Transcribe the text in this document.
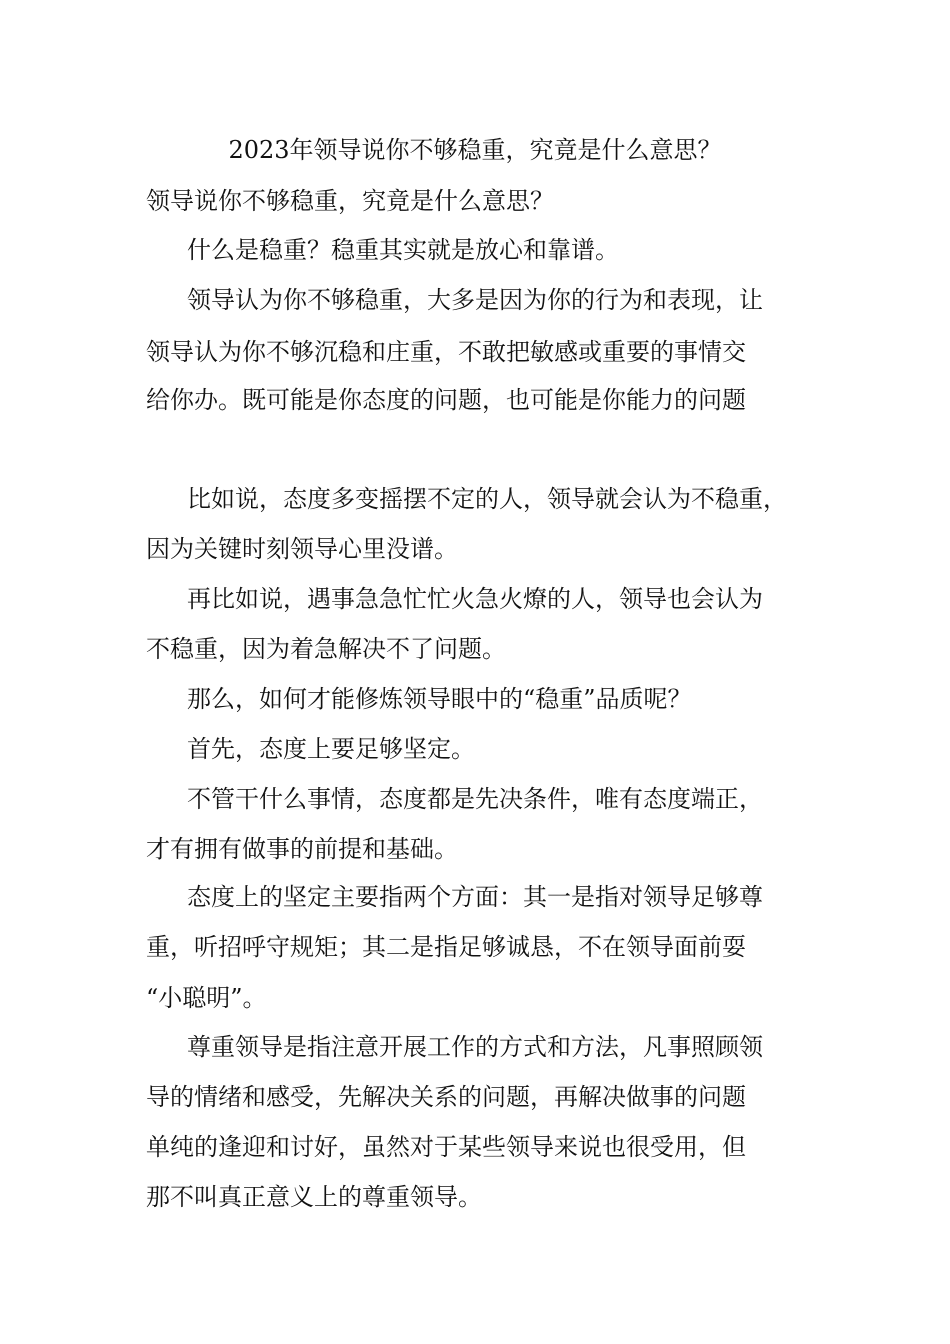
2023年领导说你不够稳重，究竟是什么意思？
领导说你不够稳重，究竟是什么意思？
什么是稳重？稳重其实就是放心和靠谱。
领导认为你不够稳重，大多是因为你的行为和表现，让
领导认为你不够沉稳和庄重，不敢把敏感或重要的事情交
给你办。既可能是你态度的问题，也可能是你能力的问题
比如说，态度多变摇摆不定的人，领导就会认为不稳重，
因为关键时刻领导心里没谱。
再比如说，遇事急急忙忙火急火燎的人，领导也会认为
不稳重，因为着急解决不了问题。
那么，如何才能修炼领导眼中的“稳重”品质呢？
首先，态度上要足够坚定。
不管干什么事情，态度都是先决条件，唯有态度端正，
才有拥有做事的前提和基础。
态度上的坚定主要指两个方面：其一是指对领导足够尊
重，听招呼守规矩；其二是指足够诚恳，不在领导面前耍
“小聪明”。
尊重领导是指注意开展工作的方式和方法，凡事照顾领
导的情绪和感受，先解决关系的问题，再解决做事的问题
单纯的逢迎和讨好，虽然对于某些领导来说也很受用，但
那不叫真正意义上的尊重领导。
